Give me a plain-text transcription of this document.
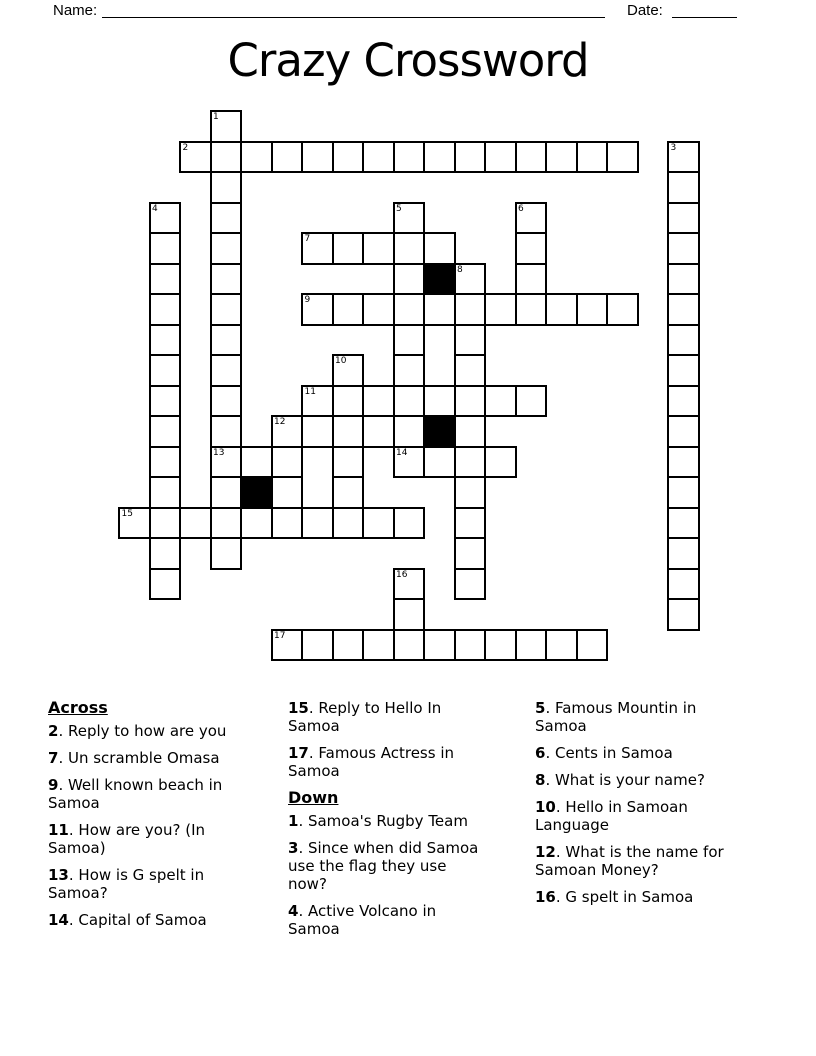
Name:	Date:
Crazy Crossword
1
2	3
4	5	6
7
8
9
10
11
12
13	14
15
16
17
Across
2. Reply to how are you
7. Un scramble Omasa
9. Well known beach in Samoa
11. How are you? (In Samoa)
13. How is G spelt in Samoa?
14. Capital of Samoa
15. Reply to Hello In Samoa
17. Famous Actress in Samoa
Down
1. Samoa's Rugby Team
3. Since when did Samoa use the flag they use now?
4. Active Volcano in Samoa
5. Famous Mountin in Samoa
6. Cents in Samoa
8. What is your name?
10. Hello in Samoan Language
12. What is the name for Samoan Money?
16. G spelt in Samoa
